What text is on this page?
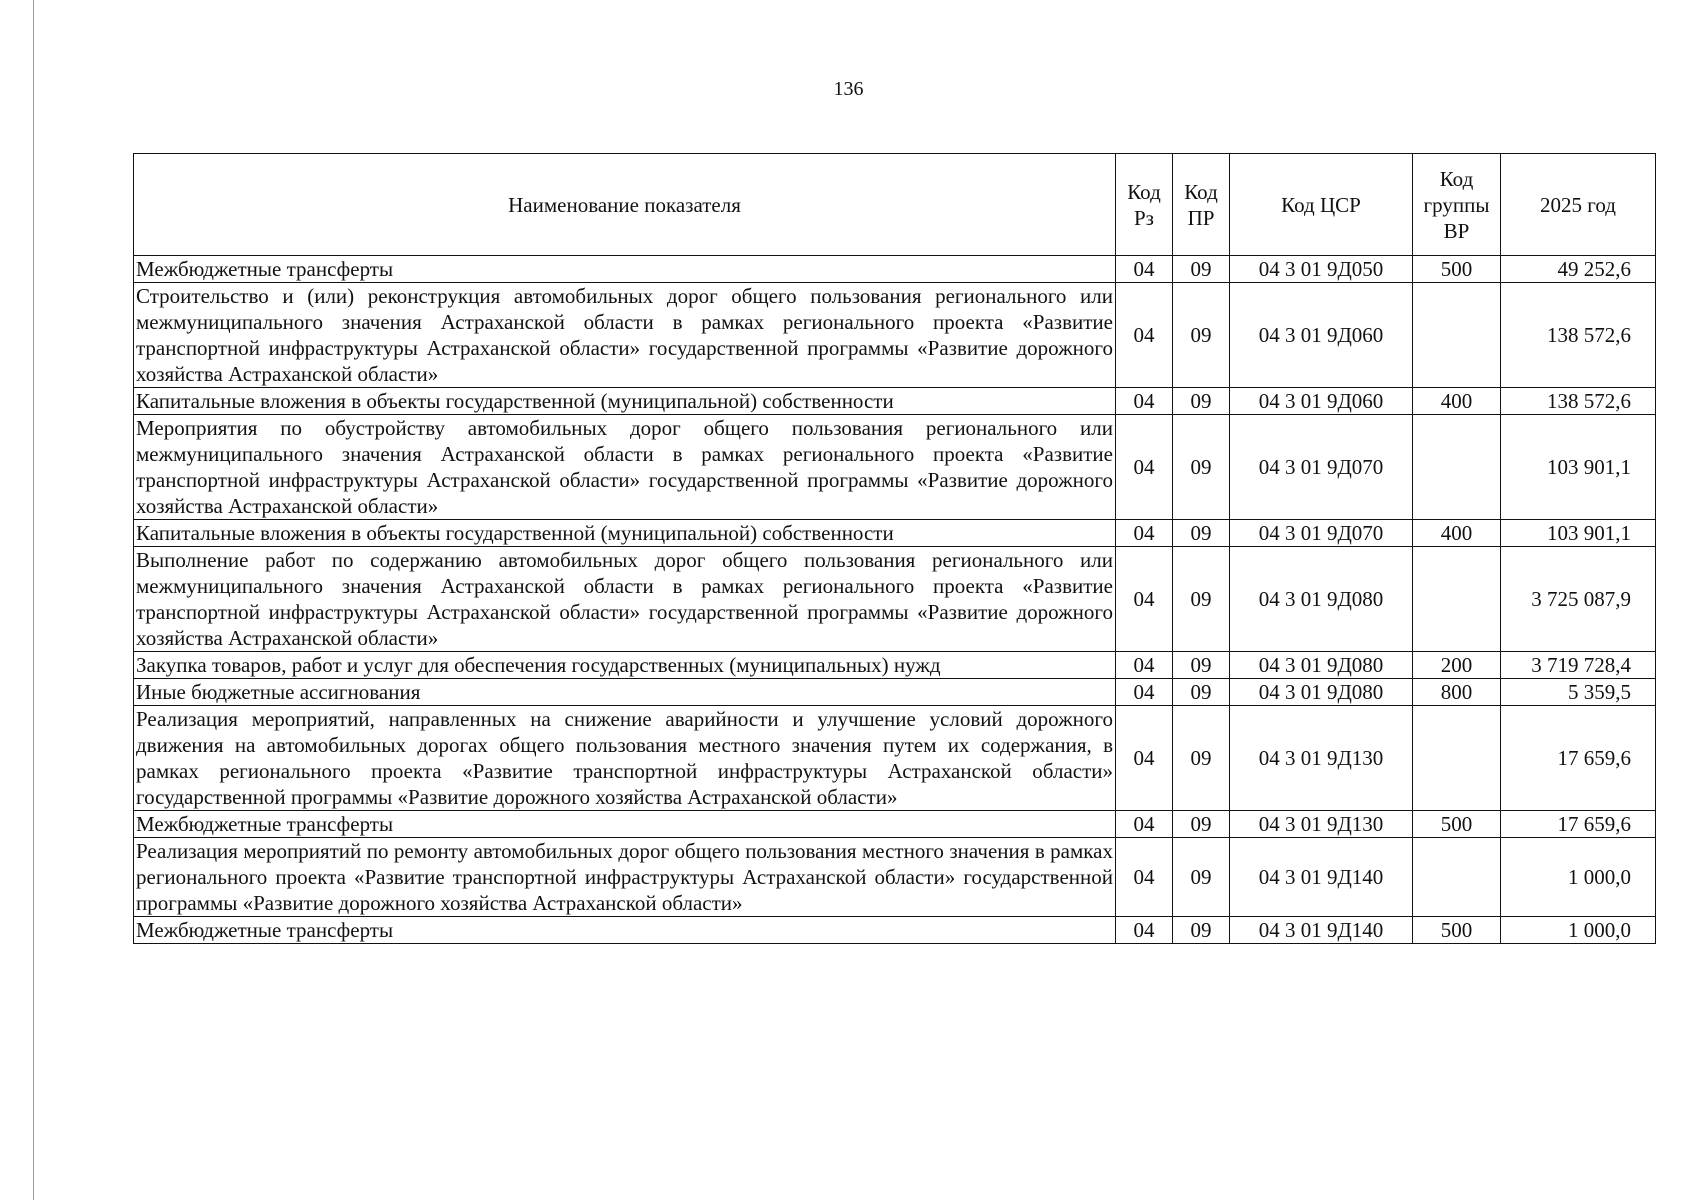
136
Наименование показателя	Код Рз	Код ПР	Код ЦСР	Код группы ВР	2025 год
Межбюджетные трансферты	04	09	04 3 01 9Д050	500	49 252,6
Строительство и (или) реконструкция автомобильных дорог общего пользования регионального или межмуниципального значения Астраханской области в рамках регионального проекта «Развитие транспортной инфраструктуры Астраханской области» государственной программы «Развитие дорожного хозяйства Астраханской области»	04	09	04 3 01 9Д060		138 572,6
Капитальные вложения в объекты государственной (муниципальной) собственности	04	09	04 3 01 9Д060	400	138 572,6
Мероприятия по обустройству автомобильных дорог общего пользования регионального или межмуниципального значения Астраханской области в рамках регионального проекта «Развитие транспортной инфраструктуры Астраханской области» государственной программы «Развитие дорожного хозяйства Астраханской области»	04	09	04 3 01 9Д070		103 901,1
Капитальные вложения в объекты государственной (муниципальной) собственности	04	09	04 3 01 9Д070	400	103 901,1
Выполнение работ по содержанию автомобильных дорог общего пользования регионального или межмуниципального значения Астраханской области в рамках регионального проекта «Развитие транспортной инфраструктуры Астраханской области» государственной программы «Развитие дорожного хозяйства Астраханской области»	04	09	04 3 01 9Д080		3 725 087,9
Закупка товаров, работ и услуг для обеспечения государственных (муниципальных) нужд	04	09	04 3 01 9Д080	200	3 719 728,4
Иные бюджетные ассигнования	04	09	04 3 01 9Д080	800	5 359,5
Реализация мероприятий, направленных на снижение аварийности и улучшение условий дорожного движения на автомобильных дорогах общего пользования местного значения путем их содержания, в рамках регионального проекта «Развитие транспортной инфраструктуры Астраханской области» государственной программы «Развитие дорожного хозяйства Астраханской области»	04	09	04 3 01 9Д130		17 659,6
Межбюджетные трансферты	04	09	04 3 01 9Д130	500	17 659,6
Реализация мероприятий по ремонту автомобильных дорог общего пользования местного значения в рамках регионального проекта «Развитие транспортной инфраструктуры Астраханской области» государственной программы «Развитие дорожного хозяйства Астраханской области»	04	09	04 3 01 9Д140		1 000,0
Межбюджетные трансферты	04	09	04 3 01 9Д140	500	1 000,0
